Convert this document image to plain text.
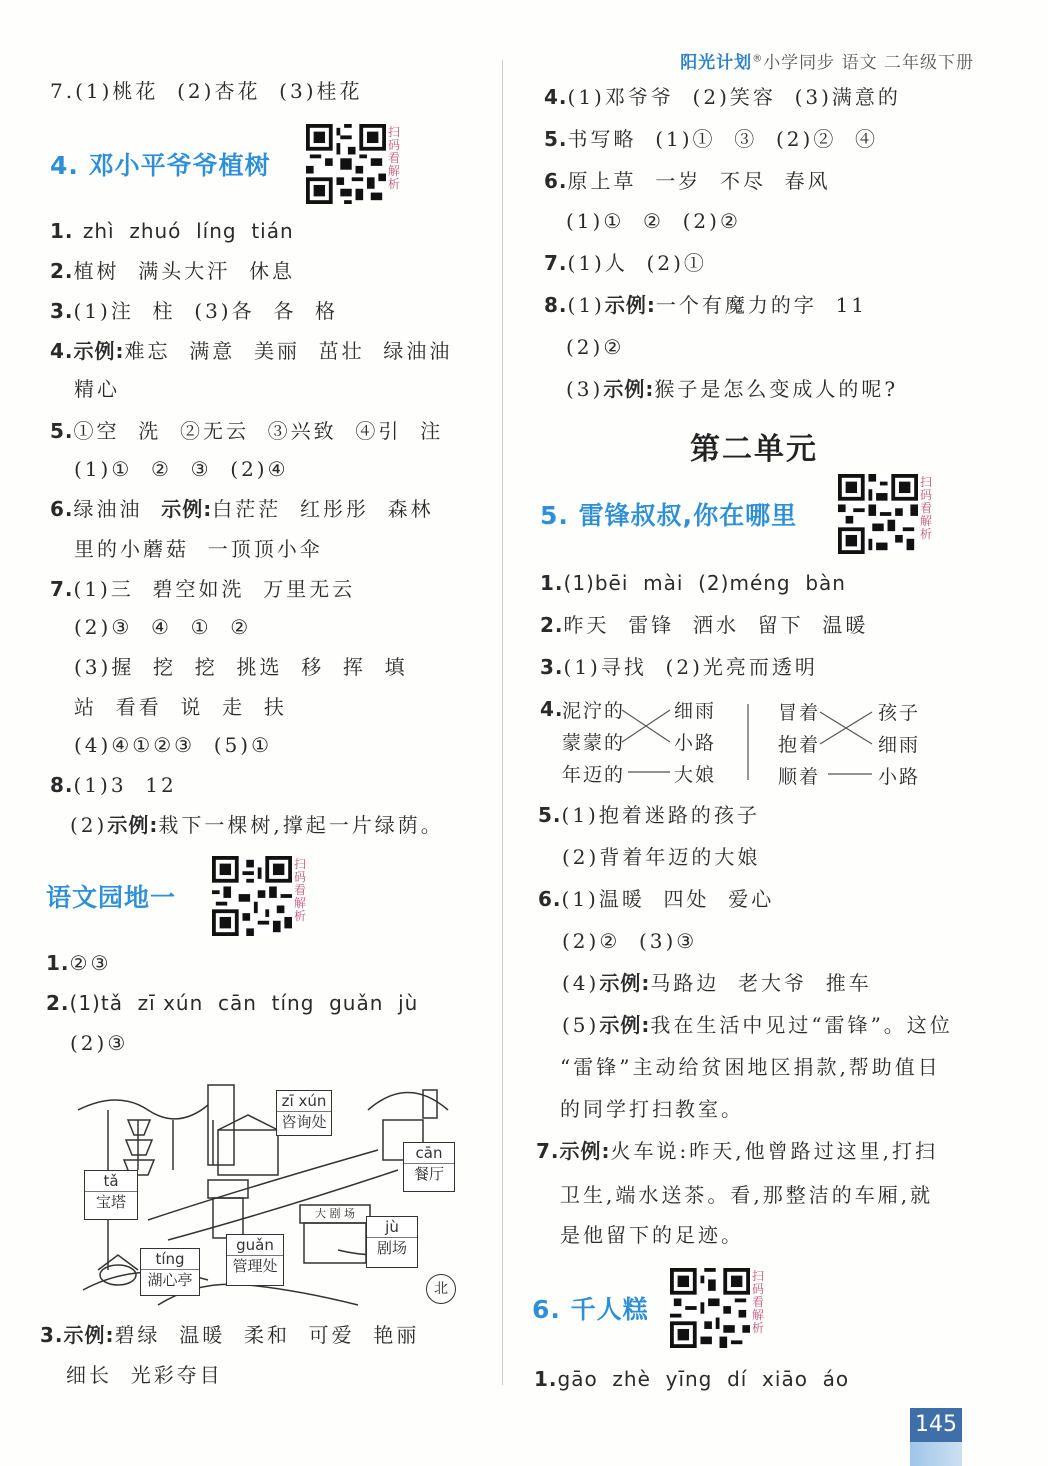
阳光计划®小学同步 语文 二年级下册
7.(1)桃花  (2)杏花  (3)桂花
4. 邓小平爷爷植树
扫码看解析
1. zhì  zhuó  líng  tián
2.植树  满头大汗  休息
3.(1)注  柱  (3)各  各  格
4.示例:难忘  满意  美丽  茁壮  绿油油
精心
5.①空  洗  ②无云  ③兴致  ④引  注
(1)①  ②  ③  (2)④
6.绿油油  示例:白茫茫  红彤彤  森林
里的小蘑菇  一顶顶小伞
7.(1)三  碧空如洗  万里无云
(2)③  ④  ①  ②
(3)握  挖  挖  挑选  移  挥  填
站  看看  说  走  扶
(4)④①②③  (5)①
8.(1)3  12
(2)示例:栽下一棵树,撑起一片绿荫。
语文园地一
扫码看解析
1.②③
2.(1)tǎ  zī xún  cān  tíng  guǎn  jù
(2)③
zī xún
咨询处
cān
餐厅
tǎ
宝塔
jù
剧场
guǎn
管理处
tíng
湖心亭
大 剧 场
北
3.示例:碧绿  温暖  柔和  可爱  艳丽
细长  光彩夺目
4.(1)邓爷爷  (2)笑容  (3)满意的
5.书写略  (1)①  ③  (2)②  ④
6.原上草  一岁  不尽  春风
(1)①  ②  (2)②
7.(1)人  (2)①
8.(1)示例:一个有魔力的字  11
(2)②
(3)示例:猴子是怎么变成人的呢?
第二单元
5. 雷锋叔叔,你在哪里
扫码看解析
1.(1)bēi  mài  (2)méng  bàn
2.昨天  雷锋  洒水  留下  温暖
3.(1)寻找  (2)光亮而透明
4.
泥泞的
蒙蒙的
年迈的
细雨
小路
大娘
冒着
抱着
顺着
孩子
细雨
小路
5.(1)抱着迷路的孩子
(2)背着年迈的大娘
6.(1)温暖  四处  爱心
(2)②  (3)③
(4)示例:马路边  老大爷  推车
(5)示例:我在生活中见过“雷锋”。这位
“雷锋”主动给贫困地区捐款,帮助值日
的同学打扫教室。
7.示例:火车说:昨天,他曾路过这里,打扫
卫生,端水送茶。看,那整洁的车厢,就
是他留下的足迹。
6. 千人糕
扫码看解析
1.gāo  zhè  yīng  dí  xiāo  áo
145
